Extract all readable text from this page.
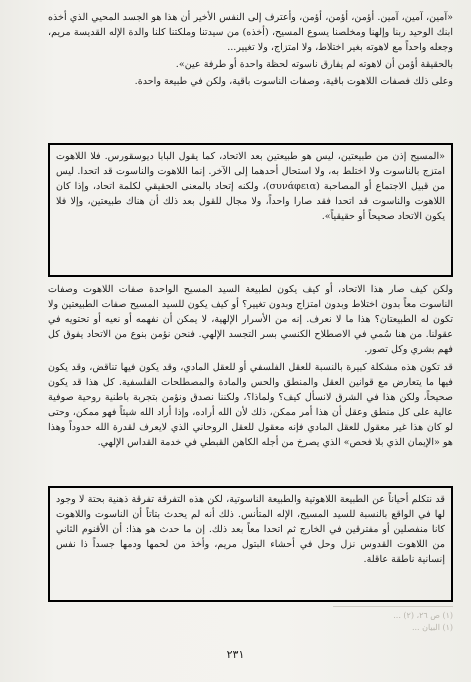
«آمين، آمين، آمين. أؤمن، أؤمن، أؤمن، وأعترف إلى النفس الأخير أن هذا هو الجسد المحيي الذي أخذه ابنك الوحيد ربنا وإلهنا ومخلصنا يسوع المسيح، (أخذه) من سيدتنا وملكتنا كلنا والدة الإله القديسة مريم، وجعله واحداً مع لاهوته بغير اختلاط، ولا امتزاج، ولا تغيير...

بالحقيقة أؤمن أن لاهوته لم يفارق ناسوته لحظة واحدة أو طرفة عين».

وعلى ذلك فصفات اللاهوت باقية، وصفات الناسوت باقية، ولكن في طبيعة واحدة.

«المسيح إذن من طبيعتين، ليس هو طبيعتين بعد الاتحاد، كما يقول البابا ديوسقورس. فلا اللاهوت امتزج بالناسوت ولا اختلط به، ولا استحال أحدهما إلى الآخر. إنما اللاهوت والناسوت قد اتحدا. ليس من قبيل الاجتماع أو المصاحبة (συνάφεια)، ولكنه إتحاد بالمعنى الحقيقي لكلمة اتحاد، وإذا كان اللاهوت والناسوت قد اتحدا فقد صارا واحداً، ولا مجال للقول بعد ذلك أن هناك طبيعتين، وإلا فلا يكون الاتحاد صحيحاً أو حقيقياً».

ولكن كيف صار هذا الاتحاد، أو كيف يكون لطبيعة السيد المسيح الواحدة صفات اللاهوت وصفات الناسوت معاً بدون اختلاط وبدون امتزاج وبدون تغيير؟ أو كيف يكون للسيد المسيح صفات الطبيعتين ولا تكون له الطبيعتان؟ هذا ما لا نعرف. إنه من الأسرار الإلهية، لا يمكن أن نفهمه أو نعيه أو تحتويه في عقولنا. من هنا سُمي في الاصطلاح الكنسي بسر التجسد الإلهي. فنحن نؤمن بنوع من الاتحاد يفوق كل فهم بشري وكل تصور.

قد تكون هذه مشكلة كبيرة بالنسبة للعقل الفلسفي أو للعقل المادي، وقد يكون فيها تناقض، وقد يكون فيها ما يتعارض مع قوانين العقل والمنطق والحس والمادة والمصطلحات الفلسفية. كل هذا قد يكون صحيحاً، ولكن هذا في الشرق لانسأل كيف؟ ولماذا؟، ولكننا نصدق ونؤمن بتجربة باطنية روحية صوفية عالية على كل منطق وعقل أن هذا أمر ممكن، ذلك لأن الله أراده، وإذا أراد الله شيئاً فهو ممكن، وحتى لو كان هذا غير معقول للعقل المادي فإنه معقول للعقل الروحاني الذي لايعرف لقدرة الله حدوداً وهذا هو «الإيمان الذي بلا فحص» الذي يصرخ من أجله الكاهن القبطي في خدمة القداس الإلهي.

قد نتكلم أحياناً عن الطبيعة اللاهوتية والطبيعة الناسوتية، لكن هذه التفرقة تفرقة ذهنية بحتة لا وجود لها في الواقع بالنسبة للسيد المسيح، الإله المتأنس. ذلك أنه لم يحدث بتاتاً أن الناسوت واللاهوت كانا منفصلين أو مفترقين في الخارج ثم اتحدا معاً بعد ذلك. إن ما حدث هو هذا: أن الأقنوم الثاني من اللاهوت القدوس نزل وحل في أحشاء البتول مريم، وأخذ من لحمها ودمها جسداً ذا نفس إنسانية ناطقة عاقلة.
(١) ص ٢٦، (٢) ...
(١) البيان ...
٢٣١
